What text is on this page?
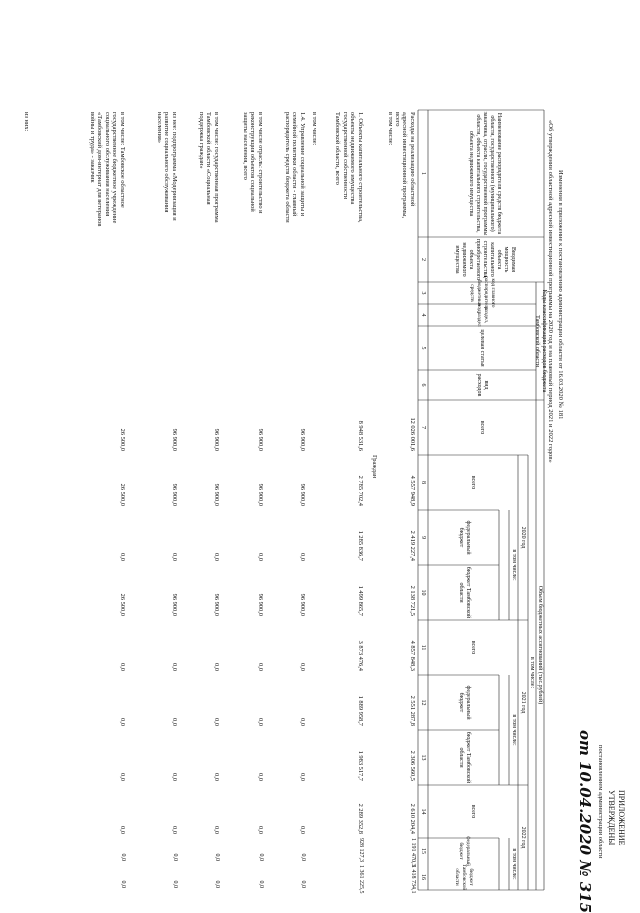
ПРИЛОЖЕНИЕ
УТВЕРЖДЕНЫ
постановлением администрации области
от 10.04.2020 № 315
Изменения в приложение к постановлению администрации области от 16.03.2020 № 181
«Об утверждении областной адресной инвестиционной программы на 2020 год и на плановый период 2021 и 2022 годов»
Наименование распорядителя средств бюджета области, государственного (муниципального) заказчика, отрасли, государственной программы области, объекта капитального строительства, объекта недвижимого имущества
Вводимая мощность объекта капитального строительства, приобретаемого объекта недвижимого имущества
Коды классификации расходов бюджета Тамбовской области
код главного распорядителя бюджетных средств
раздел, подраздел
целевая статья
вид расходов
Объем бюджетных ассигнований (тыс.рублей)
всего
в том числе:
2020 год
всего
в том числе:
федеральный бюджет
бюджет Тамбовской области
2021 год
всего
в том числе:
федеральный бюджет
бюджет Тамбовской области
2022 год
всего
в том числе:
федеральный бюджет
бюджет Тамбовской области
1
2
3
4
5
6
7
8
9
10
11
12
13
14
15
16
Расходы на реализацию областной адресной инвестиционной программы, всего
12 026 001,6
4 557 948,9
2 419 227,4
2 138 721,5
4 857 848,3
2 551 287,8
2 306 560,5
2 610 204,4
1 191 470,3
1 418 734,1
в том числе:
Граждан
1. Объекты капитального строительства, объекты недвижимого имущества государственной собственности Тамбовской области, всего
8 948 531,6
2 785 702,4
1 285 836,7
1 499 865,7
3 873 476,4
1 889 958,7
1 983 517,7
2 289 352,8
928 127,3
1 361 225,5
в том числе:
1.4. Управление социальной защиты и семейной политики области - главный распорядитель средств бюджета области
96 900,0
96 900,0
0,0
96 900,0
0,0
0,0
0,0
0,0
0,0
0,0
в том числе отрасль: строительство и реконструкция объектов социальной защиты населения, всего
96 900,0
96 900,0
0,0
96 900,0
0,0
0,0
0,0
0,0
0,0
0,0
в том числе: государственная программа Тамбовской области «Социальная поддержка граждан»
96 900,0
96 900,0
0,0
96 900,0
0,0
0,0
0,0
0,0
0,0
0,0
из нее: подпрограмма «Модернизация и развитие социального обслуживания населения»
96 900,0
96 900,0
0,0
96 900,0
0,0
0,0
0,0
0,0
0,0
0,0
в том числе: Тамбовское областное государственное бюджетное учреждение социального обслуживания населения «Тамбовский дом-интернат для ветеранов войны и труда» - заказчик
26 500,0
26 500,0
0,0
26 500,0
0,0
0,0
0,0
0,0
0,0
0,0
из них:
